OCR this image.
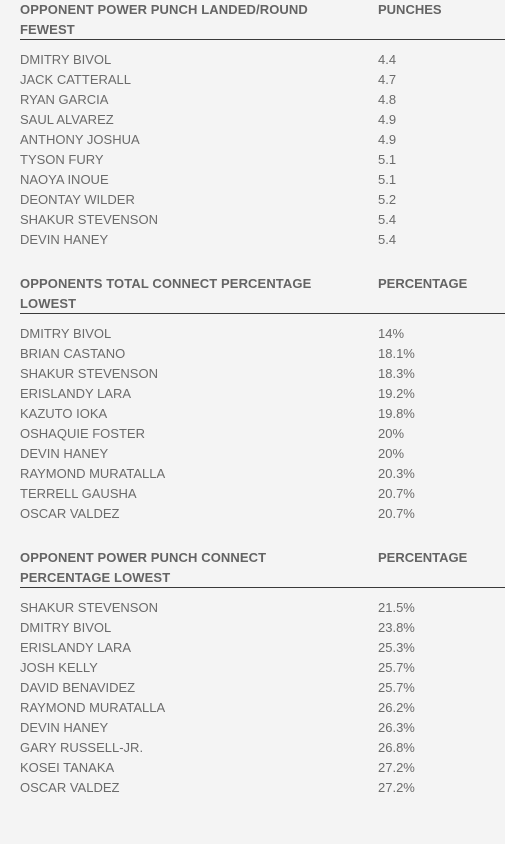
OPPONENT POWER PUNCH LANDED/ROUND FEWEST
PUNCHES
DMITRY BIVOL	4.4
JACK CATTERALL	4.7
RYAN GARCIA	4.8
SAUL ALVAREZ	4.9
ANTHONY JOSHUA	4.9
TYSON FURY	5.1
NAOYA INOUE	5.1
DEONTAY WILDER	5.2
SHAKUR STEVENSON	5.4
DEVIN HANEY	5.4
OPPONENTS TOTAL CONNECT PERCENTAGE LOWEST
PERCENTAGE
DMITRY BIVOL	14%
BRIAN CASTANO	18.1%
SHAKUR STEVENSON	18.3%
ERISLANDY LARA	19.2%
KAZUTO IOKA	19.8%
OSHAQUIE FOSTER	20%
DEVIN HANEY	20%
RAYMOND MURATALLA	20.3%
TERRELL GAUSHA	20.7%
OSCAR VALDEZ	20.7%
OPPONENT POWER PUNCH CONNECT PERCENTAGE LOWEST
PERCENTAGE
SHAKUR STEVENSON	21.5%
DMITRY BIVOL	23.8%
ERISLANDY LARA	25.3%
JOSH KELLY	25.7%
DAVID BENAVIDEZ	25.7%
RAYMOND MURATALLA	26.2%
DEVIN HANEY	26.3%
GARY RUSSELL-JR.	26.8%
KOSEI TANAKA	27.2%
OSCAR VALDEZ	27.2%
